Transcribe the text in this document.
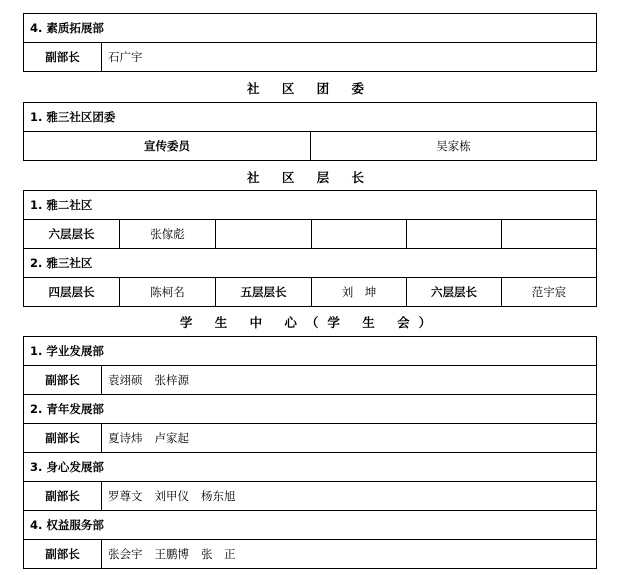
4. 素质拓展部
副部长	石广宇
社 区 团 委
1. 雅三社区团委
宣传委员	吴家栋
社 区 层 长
1. 雅二社区					
六层层长	张傢彪				
2. 雅三社区					
四层层长	陈柯名	五层层长	刘　坤	六层层长	范宇宸
学 生 中 心（学 生 会）
1. 学业发展部	
副部长	袁翊硕 张梓源
2. 青年发展部	
副部长	夏诗炜 卢家起
3. 身心发展部	
副部长	罗尊文 刘甲仪 杨东旭
4. 权益服务部	
副部长	张会宇 王鹏博 张　正
